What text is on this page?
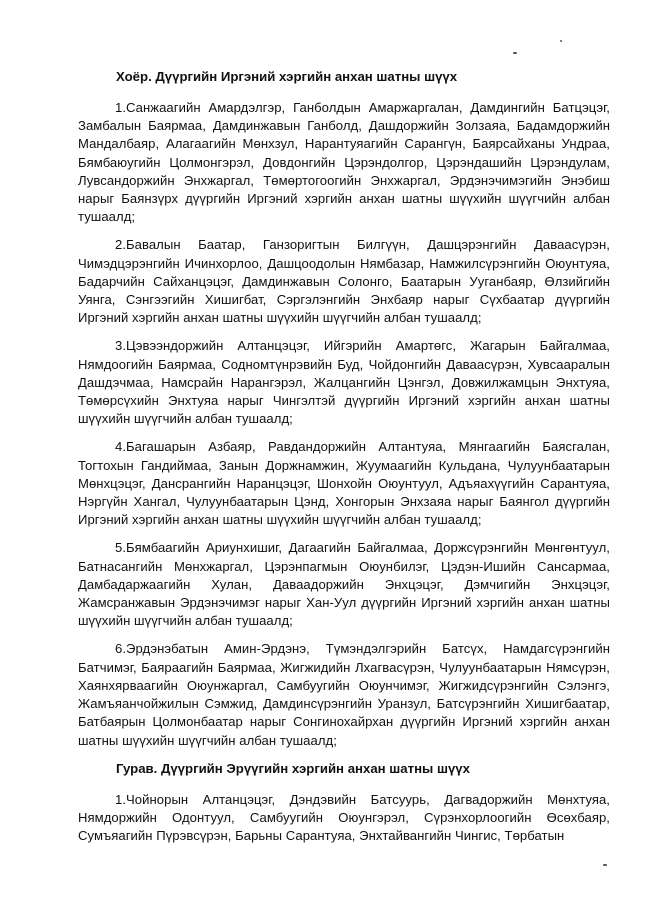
Хоёр. Дүүргийн Иргэний хэргийн анхан шатны шүүх

1.Санжаагийн Амардэлгэр, Ганболдын Амаржаргалан, Дамдингийн Батцэцэг, Замбалын Баярмаа, Дамдинжавын Ганболд, Дашдоржийн Золзаяа, Бадамдоржийн Мандалбаяр, Алагаагийн Мөнхзул, Нарантуяагийн Сарангүн, Баярсайханы Ундраа, Бямбаюугийн Цолмонгэрэл, Довдонгийн Цэрэндолгор, Цэрэндашийн Цэрэндулам, Лувсандоржийн Энхжаргал, Төмөртогоогийн Энхжаргал, Эрдэнэчимэгийн Энэбиш нарыг Баянзүрх дүүргийн Иргэний хэргийн анхан шатны шүүхийн шүүгчийн албан тушаалд;

2.Бавалын Баатар, Ганзоригтын Билгүүн, Дашцэрэнгийн Даваасүрэн, Чимэдцэрэнгийн Ичинхорлоо, Дашцоодолын Нямбазар, Намжилсүрэнгийн Оюунтуяа, Бадарчийн Сайханцэцэг, Дамдинжавын Солонго, Баатарын Ууганбаяр, Өлзийгийн Уянга, Сэнгээгийн Хишигбат, Сэргэлэнгийн Энхбаяр нарыг Сүхбаатар дүүргийн Иргэний хэргийн анхан шатны шүүхийн шүүгчийн албан тушаалд;

3.Цэвээндоржийн Алтанцэцэг, Ийгэрийн Амартөгс, Жагарын Байгалмаа, Нямдоогийн Баярмаа, Содномтүнрэвийн Буд, Чойдонгийн Даваасүрэн, Хувсааралын Дашдэчмаа, Намсрайн Нарангэрэл, Жалцангийн Цэнгэл, Довжилжамцын Энхтуяа, Төмөрсүхийн Энхтуяа нарыг Чингэлтэй дүүргийн Иргэний хэргийн анхан шатны шүүхийн шүүгчийн албан тушаалд;

4.Багашарын Азбаяр, Равдандоржийн Алтантуяа, Мянгаагийн Баясгалан, Тогтохын Гандиймаа, Занын Доржнамжин, Жуумаагийн Кульдана, Чулуунбаатарын Мөнхцэцэг, Дансрангийн Наранцэцэг, Шонхойн Оюунтуул, Адъяахүүгийн Сарантуяа, Нэргүйн Хангал, Чулуунбаатарын Цэнд, Хонгорын Энхзаяа нарыг Баянгол дүүргийн Иргэний хэргийн анхан шатны шүүхийн шүүгчийн албан тушаалд;

5.Бямбаагийн Ариунхишиг, Дагаагийн Байгалмаа, Доржсүрэнгийн Мөнгөнтуул, Батнасангийн Мөнхжаргал, Цэрэнпагмын Оюунбилэг, Цэдэн-Ишийн Сансармаа, Дамбадаржаагийн Хулан, Даваадоржийн Энхцэцэг, Дэмчигийн Энхцэцэг, Жамсранжавын Эрдэнэчимэг нарыг Хан-Уул дүүргийн Иргэний хэргийн анхан шатны шүүхийн шүүгчийн албан тушаалд;

6.Эрдэнэбатын Амин-Эрдэнэ, Түмэндэлгэрийн Батсүх, Намдагсүрэнгийн Батчимэг, Баяраагийн Баярмаа, Жигжидийн Лхагвасүрэн, Чулуунбаатарын Нямсүрэн, Хаянхярваагийн Оюунжаргал, Самбуугийн Оюунчимэг, Жигжидсүрэнгийн Сэлэнгэ, Жамъяанчойжилын Сэмжид, Дамдинсүрэнгийн Уранзул, Батсүрэнгийн Хишигбаатар, Батбаярын Цолмонбаатар нарыг Сонгинохайрхан дүүргийн Иргэний хэргийн анхан шатны шүүхийн шүүгчийн албан тушаалд;

Гурав. Дүүргийн Эрүүгийн хэргийн анхан шатны шүүх

1.Чойнорын Алтанцэцэг, Дэндэвийн Батсуурь, Дагвадоржийн Мөнхтуяа, Нямдоржийн Одонтуул, Самбуугийн Оюунгэрэл, Сүрэнхорлоогийн Өсөхбаяр, Сумъяагийн Пүрэвсүрэн, Барьны Сарантуяа, Энхтайвангийн Чингис, Төрбатын
